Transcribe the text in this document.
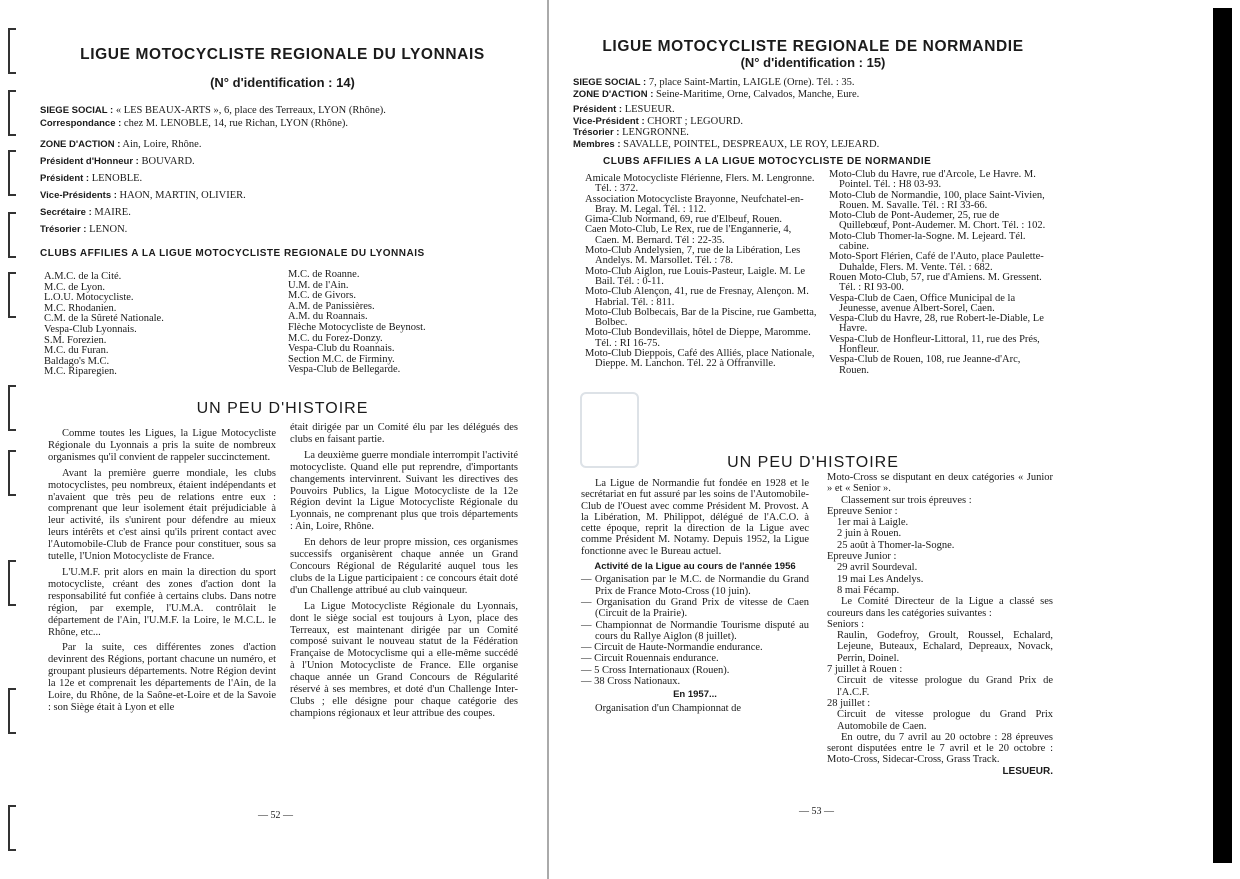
LIGUE MOTOCYCLISTE REGIONALE DU LYONNAIS
(N° d'identification : 14)
SIEGE SOCIAL : « LES BEAUX-ARTS », 6, place des Terreaux, LYON (Rhône).
Correspondance : chez M. LENOBLE, 14, rue Richan, LYON (Rhône).
ZONE D'ACTION : Ain, Loire, Rhône.
Président d'Honneur : BOUVARD.
Président : LENOBLE.
Vice-Présidents : HAON, MARTIN, OLIVIER.
Secrétaire : MAIRE.
Trésorier : LENON.
CLUBS AFFILIES A LA LIGUE MOTOCYCLISTE REGIONALE DU LYONNAIS
A.M.C. de la Cité.
M.C. de Lyon.
L.O.U. Motocycliste.
M.C. Rhodanien.
C.M. de la Sûreté Nationale.
Vespa-Club Lyonnais.
S.M. Forezien.
M.C. du Furan.
Baldago's M.C.
M.C. Riparegien.
M.C. de Roanne.
U.M. de l'Ain.
M.C. de Givors.
A.M. de Panissières.
A.M. du Roannais.
Flèche Motocycliste de Beynost.
M.C. du Forez-Donzy.
Vespa-Club du Roannais.
Section M.C. de Firminy.
Vespa-Club de Bellegarde.
UN PEU D'HISTOIRE

Comme toutes les Ligues, la Ligue Motocycliste Régionale du Lyonnais a pris la suite de nombreux organismes qu'il convient de rappeler succinctement.

Avant la première guerre mondiale, les clubs motocyclistes, peu nombreux, étaient indépendants et n'avaient que très peu de relations entre eux : comprenant que leur isolement était préjudiciable à leur activité, ils s'unirent pour défendre au mieux leurs intérêts et c'est ainsi qu'ils prirent contact avec l'Automobile-Club de France pour constituer, sous sa tutelle, l'Union Motocycliste de France.

L'U.M.F. prit alors en main la direction du sport motocycliste, créant des zones d'action dont la responsabilité fut confiée à certains clubs. Dans notre région, par exemple, l'U.M.A. contrôlait le département de l'Ain, l'U.M.F. la Loire, le M.C.L. le Rhône, etc...

Par la suite, ces différentes zones d'action devinrent des Régions, portant chacune un numéro, et groupant plusieurs départements. Notre Région devint la 12e et comprenait les départements de l'Ain, de la Loire, du Rhône, de la Saône-et-Loire et de la Savoie : son Siège était à Lyon et elle

était dirigée par un Comité élu par les délégués des clubs en faisant partie.

La deuxième guerre mondiale interrompit l'activité motocycliste. Quand elle put reprendre, d'importants changements intervinrent. Suivant les directives des Pouvoirs Publics, la Ligue Motocycliste de la 12e Région devint la Ligue Motocycliste Régionale du Lyonnais, ne comprenant plus que trois départements : Ain, Loire, Rhône.

En dehors de leur propre mission, ces organismes successifs organisèrent chaque année un Grand Concours Régional de Régularité auquel tous les clubs de la Ligue participaient : ce concours était doté d'un Challenge attribué au club vainqueur.

La Ligue Motocycliste Régionale du Lyonnais, dont le siège social est toujours à Lyon, place des Terreaux, est maintenant dirigée par un Comité composé suivant le nouveau statut de la Fédération Française de Motocyclisme qui a elle-même succédé à l'Union Motocycliste de France. Elle organise chaque année un Grand Concours de Régularité réservé à ses membres, et doté d'un Challenge Inter-Clubs ; elle désigne pour chaque catégorie des champions régionaux et leur attribue des coupes.

— 52 —
LIGUE MOTOCYCLISTE REGIONALE DE NORMANDIE
(N° d'identification : 15)
SIEGE SOCIAL : 7, place Saint-Martin, LAIGLE (Orne). Tél. : 35.
ZONE D'ACTION : Seine-Maritime, Orne, Calvados, Manche, Eure.
Président : LESUEUR.
Vice-Président : CHORT ; LEGOURD.
Trésorier : LENGRONNE.
Membres : SAVALLE, POINTEL, DESPREAUX, LE ROY, LEJEARD.
CLUBS AFFILIES A LA LIGUE MOTOCYCLISTE DE NORMANDIE

Amicale Motocycliste Flérienne, Flers. M. Lengronne. Tél. : 372.

Association Motocycliste Brayonne, Neufchatel-en-Bray. M. Legal. Tél. : 112.

Gima-Club Normand, 69, rue d'Elbeuf, Rouen.

Caen Moto-Club, Le Rex, rue de l'Engannerie, 4, Caen. M. Bernard. Tél : 22-35.

Moto-Club Andelysien, 7, rue de la Libération, Les Andelys. M. Marsollet. Tél. : 78.

Moto-Club Aiglon, rue Louis-Pasteur, Laigle. M. Le Bail. Tél. : 0-11.

Moto-Club Alençon, 41, rue de Fresnay, Alençon. M. Habrial. Tél. : 811.

Moto-Club Bolbecais, Bar de la Piscine, rue Gambetta, Bolbec.

Moto-Club Bondevillais, hôtel de Dieppe, Maromme. Tél. : RI 16-75.

Moto-Club Dieppois, Café des Alliés, place Nationale, Dieppe. M. Lanchon. Tél. 22 à Offranville.

Moto-Club du Havre, rue d'Arcole, Le Havre. M. Pointel. Tél. : H8 03-93.

Moto-Club de Normandie, 100, place Saint-Vivien, Rouen. M. Savalle. Tél. : RI 33-66.

Moto-Club de Pont-Audemer, 25, rue de Quillebœuf, Pont-Audemer. M. Chort. Tél. : 102.

Moto-Club Thomer-la-Sogne. M. Lejeard. Tél. cabine.

Moto-Sport Flérien, Café de l'Auto, place Paulette-Duhalde, Flers. M. Vente. Tél. : 682.

Rouen Moto-Club, 57, rue d'Amiens. M. Gressent. Tél. : RI 93-00.

Vespa-Club de Caen, Office Municipal de la Jeunesse, avenue Albert-Sorel, Caen.

Vespa-Club du Havre, 28, rue Robert-le-Diable, Le Havre.

Vespa-Club de Honfleur-Littoral, 11, rue des Prés, Honfleur.

Vespa-Club de Rouen, 108, rue Jeanne-d'Arc, Rouen.

UN PEU D'HISTOIRE

La Ligue de Normandie fut fondée en 1928 et le secrétariat en fut assuré par les soins de l'Automobile-Club de l'Ouest avec comme Président M. Provost. A la Libération, M. Philippot, délégué de l'A.C.O. à cette époque, reprit la direction de la Ligue avec comme Président M. Notamy. Depuis 1952, la Ligue fonctionne avec le Bureau actuel.

Activité de la Ligue au cours de l'année 1956

— Organisation par le M.C. de Normandie du Grand Prix de France Moto-Cross (10 juin).

— Organisation du Grand Prix de vitesse de Caen (Circuit de la Prairie).

— Championnat de Normandie Tourisme disputé au cours du Rallye Aiglon (8 juillet).

— Circuit de Haute-Normandie endurance.

— Circuit Rouennais endurance.

— 5 Cross Internationaux (Rouen).

— 38 Cross Nationaux.

En 1957...

Organisation d'un Championnat de

Moto-Cross se disputant en deux catégories « Junior » et « Senior ».

Classement sur trois épreuves :

Epreuve Senior :

1er mai à Laigle.

2 juin à Rouen.

25 août à Thomer-la-Sogne.

Epreuve Junior :

29 avril Sourdeval.

19 mai Les Andelys.

8 mai Fécamp.

Le Comité Directeur de la Ligue a classé ses coureurs dans les catégories suivantes :

Seniors :

Raulin, Godefroy, Groult, Roussel, Echalard, Lejeune, Buteaux, Echalard, Depreaux, Novack, Perrin, Doinel.

7 juillet à Rouen :

Circuit de vitesse prologue du Grand Prix de l'A.C.F.

28 juillet :

Circuit de vitesse prologue du Grand Prix Automobile de Caen.

En outre, du 7 avril au 20 octobre : 28 épreuves seront disputées entre le 7 avril et le 20 octobre : Moto-Cross, Sidecar-Cross, Grass Track.

LESUEUR.

— 53 —
